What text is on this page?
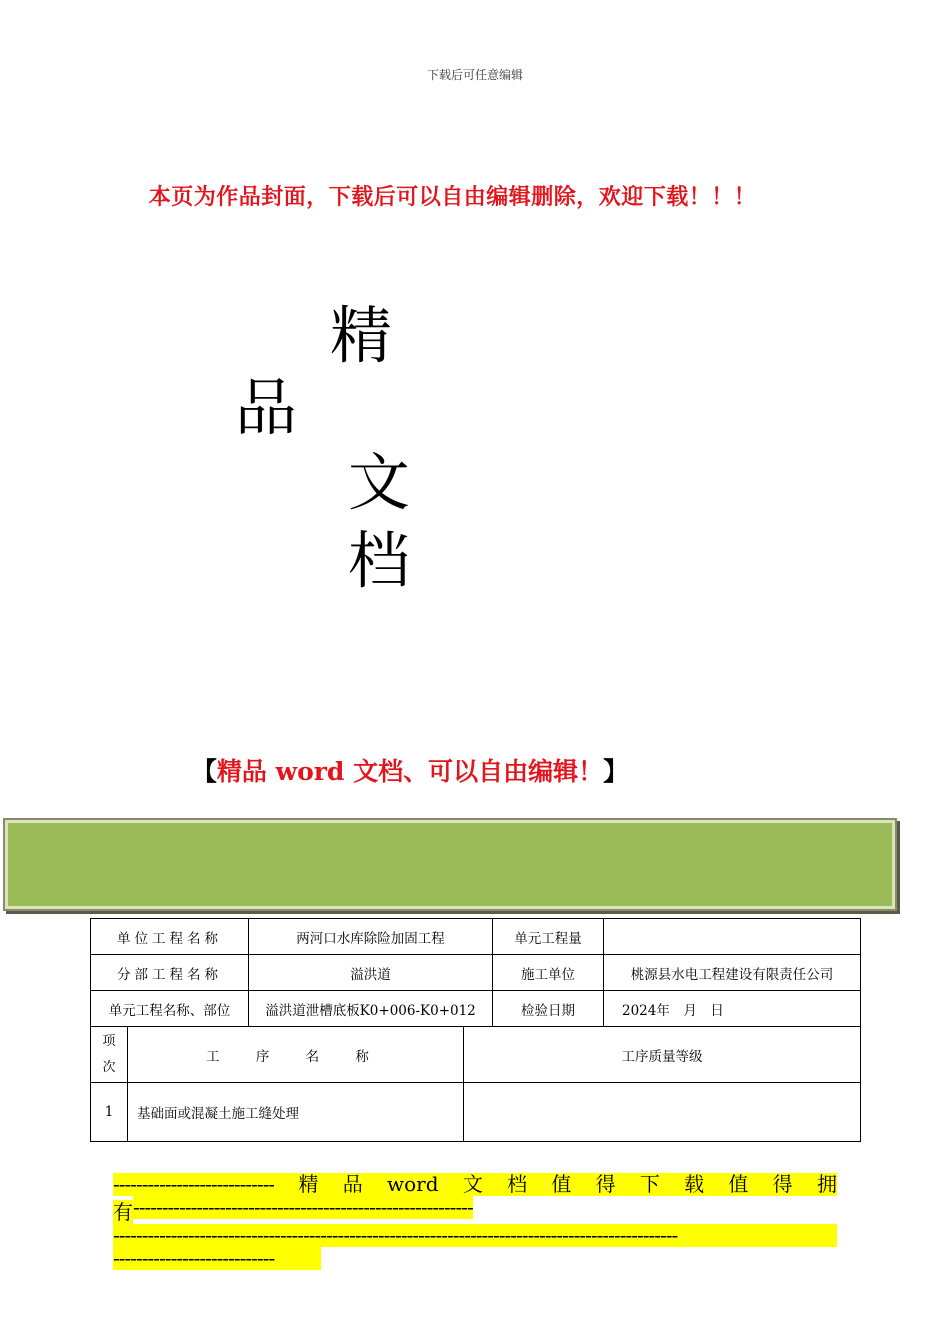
下载后可任意编辑
本页为作品封面，下载后可以自由编辑删除，欢迎下载！！！
精
品
文
档
【精品 word 文档、可以自由编辑！】
单位工程名称	两河口水库除险加固工程	单元工程量	
分部工程名称	溢洪道	施工单位	桃源县水电工程建设有限责任公司
单元工程名称、部位	溢洪道泄槽底板K0+006-K0+012	检验日期	2024年　月　日
项次	工 序 名 称	工序质量等级
1	基础面或混凝土施工缝处理	
---------------------------- 精 品 word 文 档 值 得 下 载 值 得 拥
有-----------------------------------------------------------
--------------------------------------------------------------------------------------------------
----------------------------
